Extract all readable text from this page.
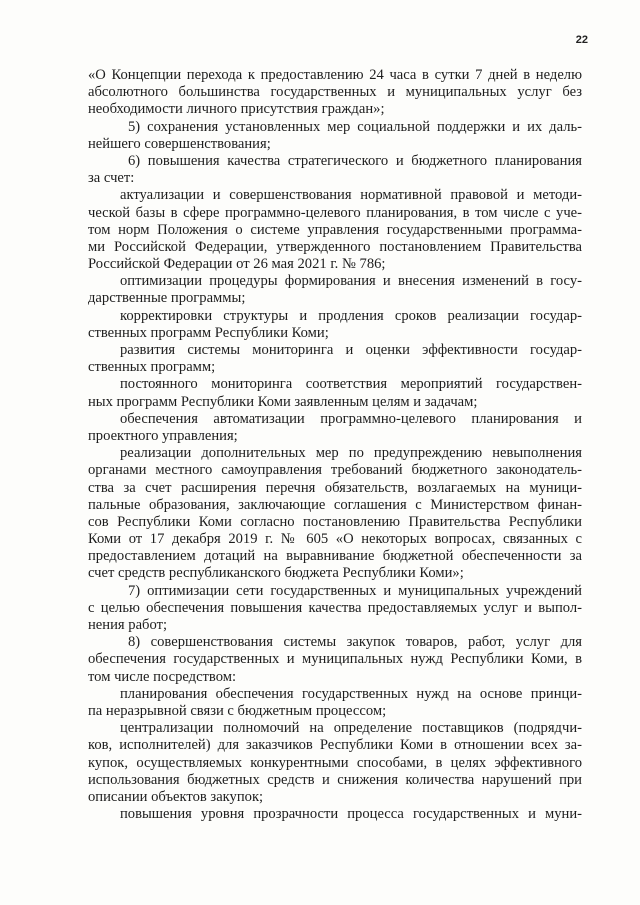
22
«О Концепции перехода к предоставлению 24 часа в сутки 7 дней в неделю
абсолютного большинства государственных и муниципальных услуг без
необходимости личного присутствия граждан»;
5) сохранения установленных мер социальной поддержки и их даль-
нейшего совершенствования;
6) повышения качества стратегического и бюджетного планирования
за счет:
актуализации и совершенствования нормативной правовой и методи-
ческой базы в сфере программно-целевого планирования, в том числе с уче-
том норм Положения о системе управления государственными программа-
ми Российской Федерации, утвержденного постановлением Правительства
Российской Федерации от 26 мая 2021 г. № 786;
оптимизации процедуры формирования и внесения изменений в госу-
дарственные программы;
корректировки структуры и продления сроков реализации государ-
ственных программ Республики Коми;
развития системы мониторинга и оценки эффективности государ-
ственных программ;
постоянного мониторинга соответствия мероприятий государствен-
ных программ Республики Коми заявленным целям и задачам;
обеспечения автоматизации программно-целевого планирования и
проектного управления;
реализации дополнительных мер по предупреждению невыполнения
органами местного самоуправления требований бюджетного законодатель-
ства за счет расширения перечня обязательств, возлагаемых на муници-
пальные образования, заключающие соглашения с Министерством финан-
сов Республики Коми согласно постановлению Правительства Республики
Коми от 17 декабря 2019 г. № 605 «О некоторых вопросах, связанных с
предоставлением дотаций на выравнивание бюджетной обеспеченности за
счет средств республиканского бюджета Республики Коми»;
7) оптимизации сети государственных и муниципальных учреждений
с целью обеспечения повышения качества предоставляемых услуг и выпол-
нения работ;
8) совершенствования системы закупок товаров, работ, услуг для
обеспечения государственных и муниципальных нужд Республики Коми, в
том числе посредством:
планирования обеспечения государственных нужд на основе принци-
па неразрывной связи с бюджетным процессом;
централизации полномочий на определение поставщиков (подрядчи-
ков, исполнителей) для заказчиков Республики Коми в отношении всех за-
купок, осуществляемых конкурентными способами, в целях эффективного
использования бюджетных средств и снижения количества нарушений при
описании объектов закупок;
повышения уровня прозрачности процесса государственных и муни-
